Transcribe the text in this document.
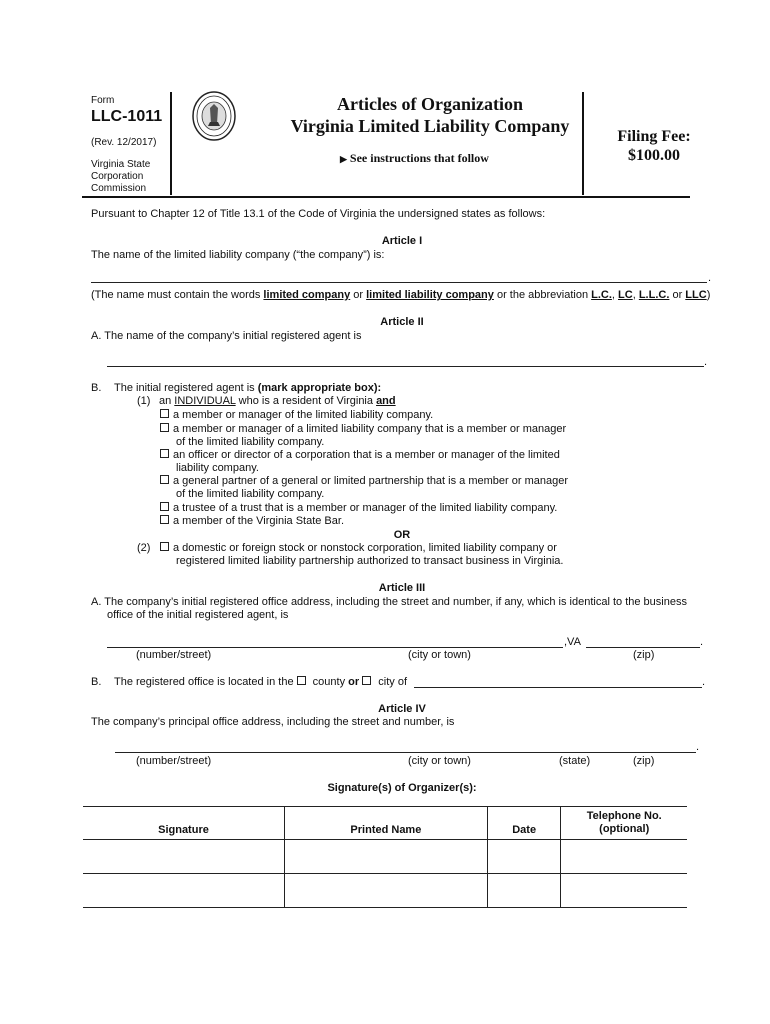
Form
LLC-1011
(Rev. 12/2017)
Virginia State
Corporation
Commission
Articles of Organization
Virginia Limited Liability Company
▶ See instructions that follow
Filing Fee:
$100.00
Pursuant to Chapter 12 of Title 13.1 of the Code of Virginia the undersigned states as follows:
Article I
The name of the limited liability company (“the company”) is:
.
(The name must contain the words limited company or limited liability company or the abbreviation L.C., LC, L.L.C. or LLC)
Article II
A. The name of the company’s initial registered agent is
.
B. The initial registered agent is (mark appropriate box):
(1) an INDIVIDUAL who is a resident of Virginia and
a member or manager of the limited liability company.
a member or manager of a limited liability company that is a member or manager
of the limited liability company.
an officer or director of a corporation that is a member or manager of the limited
liability company.
a general partner of a general or limited partnership that is a member or manager
of the limited liability company.
a trustee of a trust that is a member or manager of the limited liability company.
a member of the Virginia State Bar.
OR
(2)	a domestic or foreign stock or nonstock corporation, limited liability company or
registered limited liability partnership authorized to transact business in Virginia.
Article III
A. The company’s initial registered office address, including the street and number, if any, which is identical to the business
office of the initial registered agent, is
,VA	.
(number/street)	(city or town)	(zip)
B. The registered office is located in the  county or  city of	.
Article IV
The company’s principal office address, including the street and number, is
.
(number/street)	(city or town)	(state)	(zip)
Signature(s) of Organizer(s):
Signature	Printed Name	Date	Telephone No.
(optional)
